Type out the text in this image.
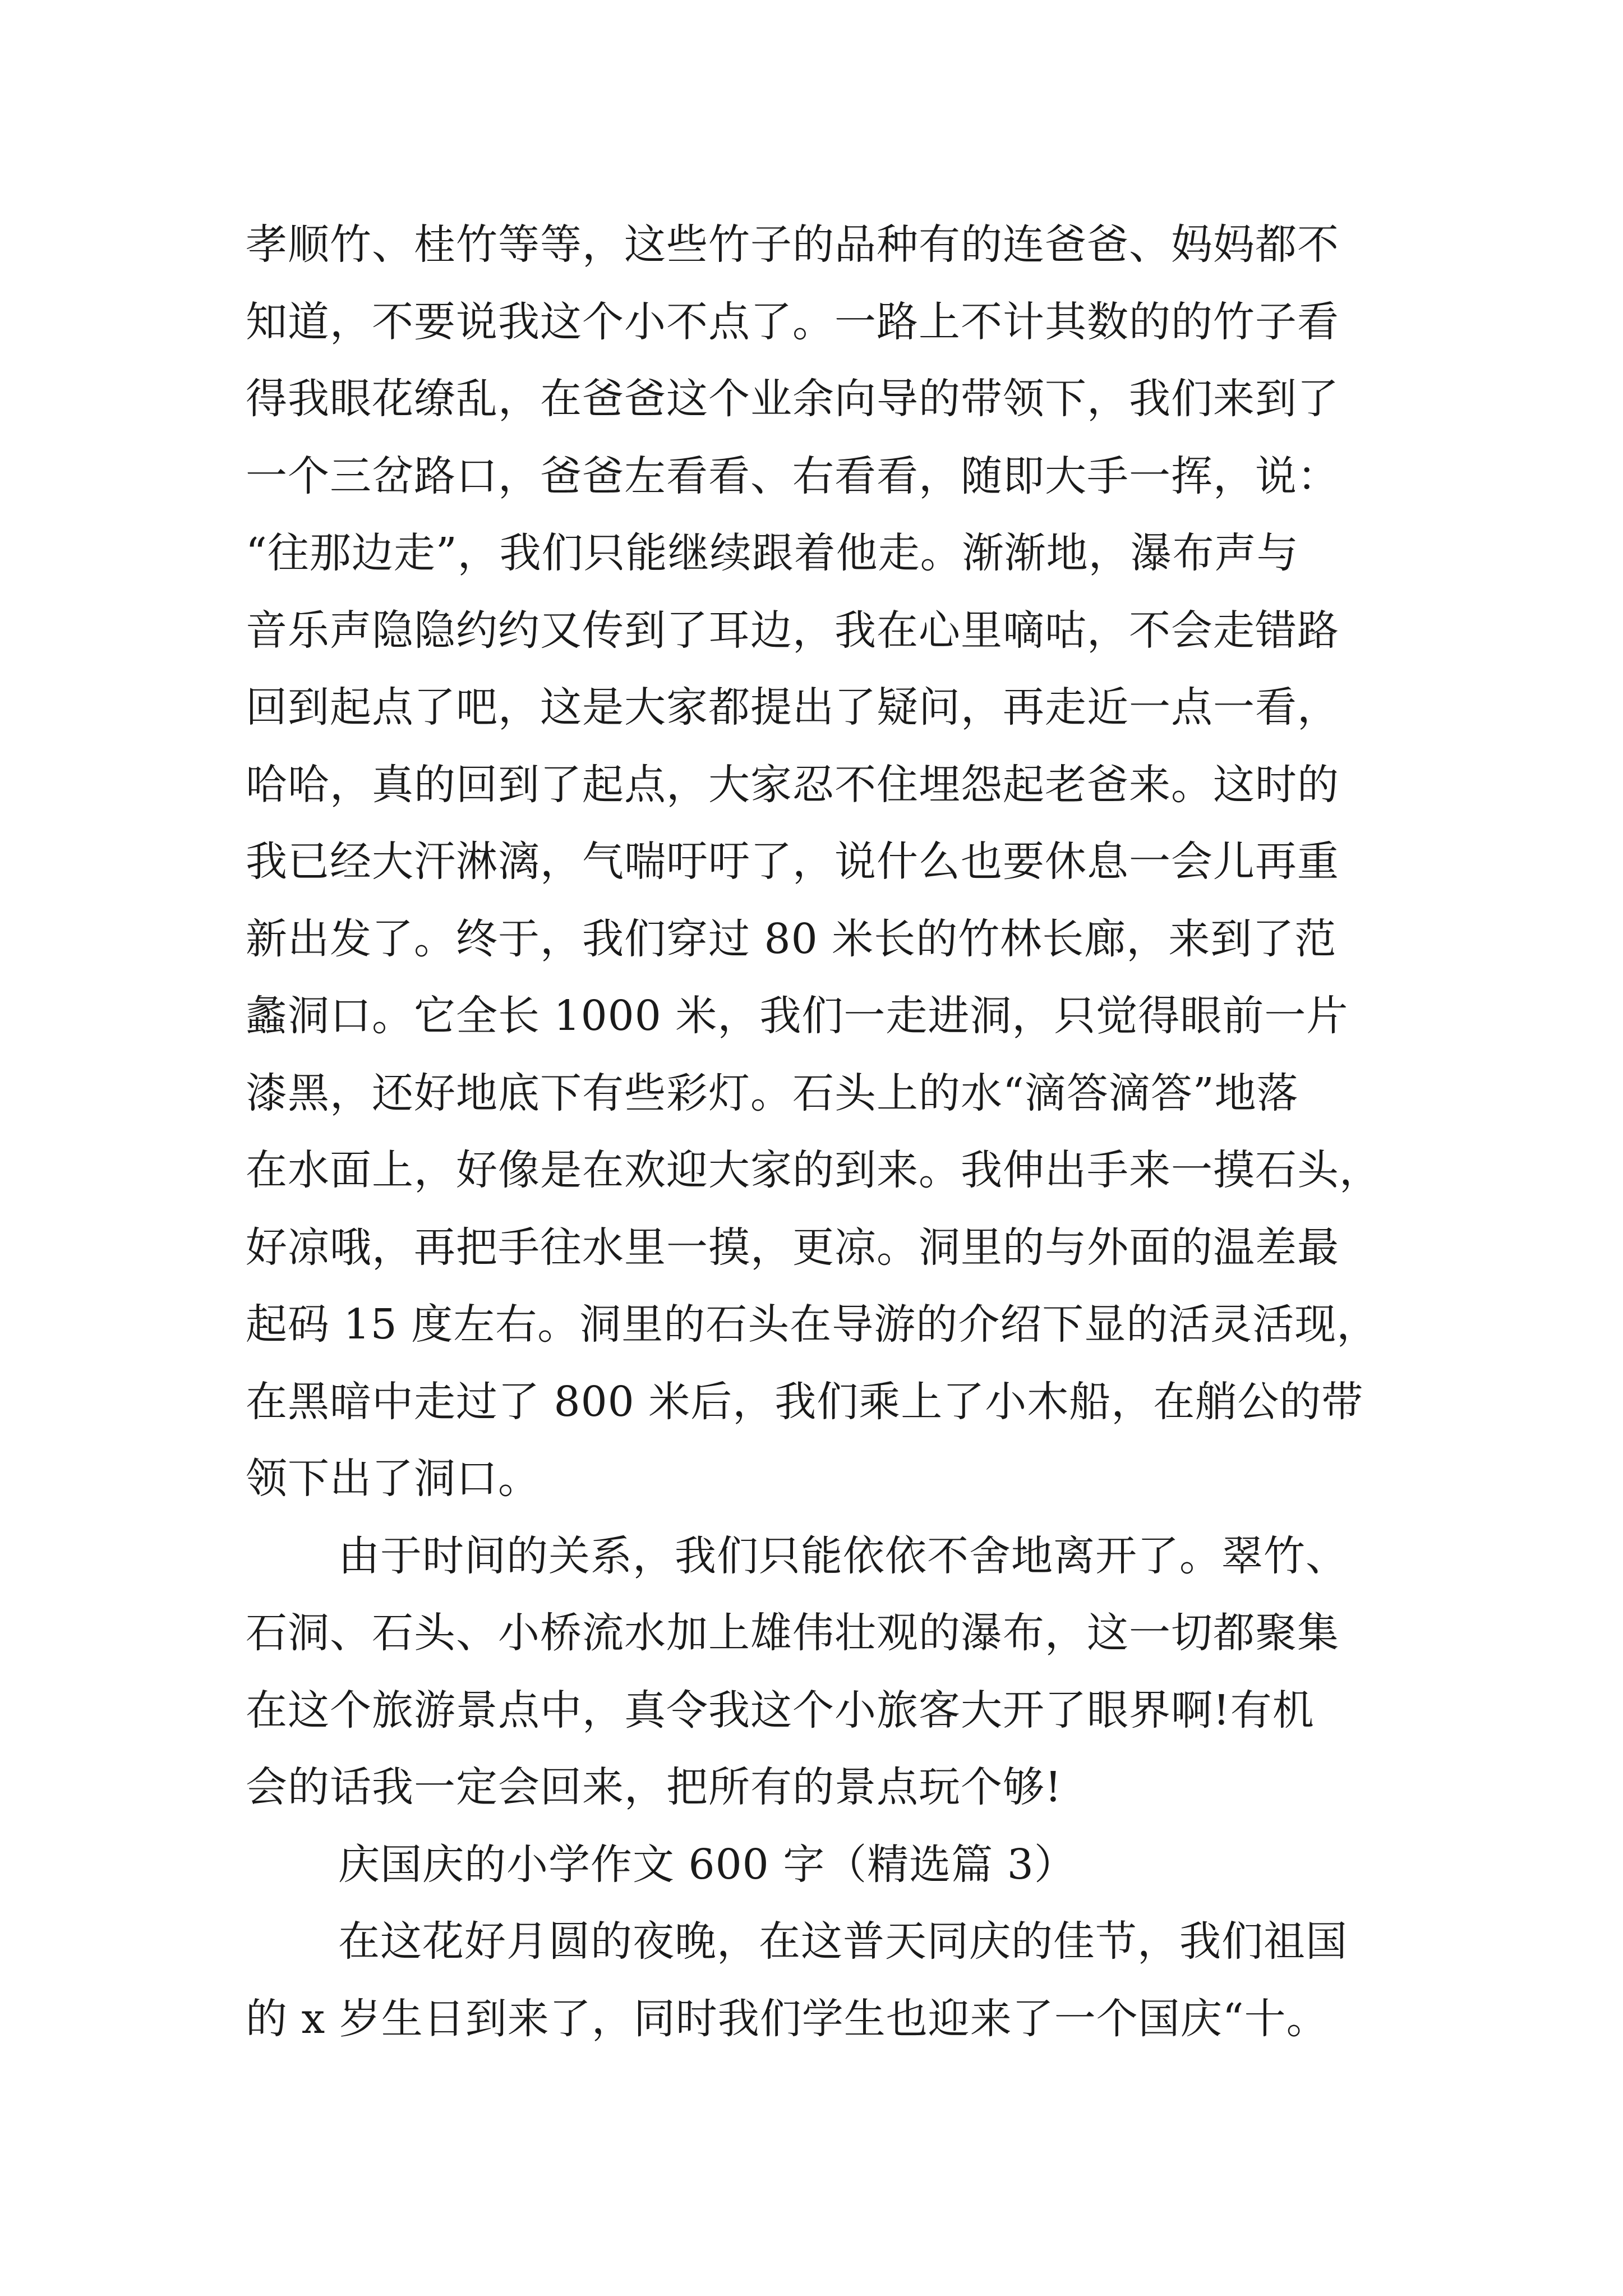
孝顺竹、桂竹等等，这些竹子的品种有的连爸爸、妈妈都不
知道，不要说我这个小不点了。一路上不计其数的的竹子看
得我眼花缭乱，在爸爸这个业余向导的带领下，我们来到了
一个三岔路口，爸爸左看看、右看看，随即大手一挥，说：
“往那边走”，我们只能继续跟着他走。渐渐地，瀑布声与
音乐声隐隐约约又传到了耳边，我在心里嘀咕，不会走错路
回到起点了吧，这是大家都提出了疑问，再走近一点一看，
哈哈，真的回到了起点，大家忍不住埋怨起老爸来。这时的
我已经大汗淋漓，气喘吁吁了，说什么也要休息一会儿再重
新出发了。终于，我们穿过 80 米长的竹林长廊，来到了范
蠡洞口。它全长 1000 米，我们一走进洞，只觉得眼前一片
漆黑，还好地底下有些彩灯。石头上的水“滴答滴答”地落
在水面上，好像是在欢迎大家的到来。我伸出手来一摸石头，
好凉哦，再把手往水里一摸，更凉。洞里的与外面的温差最
起码 15 度左右。洞里的石头在导游的介绍下显的活灵活现，
在黑暗中走过了 800 米后，我们乘上了小木船，在艄公的带
领下出了洞口。
由于时间的关系，我们只能依依不舍地离开了。翠竹、
石洞、石头、小桥流水加上雄伟壮观的瀑布，这一切都聚集
在这个旅游景点中，真令我这个小旅客大开了眼界啊!有机
会的话我一定会回来，把所有的景点玩个够!
庆国庆的小学作文 600 字（精选篇 3）
在这花好月圆的夜晚，在这普天同庆的佳节，我们祖国
的 x 岁生日到来了，同时我们学生也迎来了一个国庆“十。
